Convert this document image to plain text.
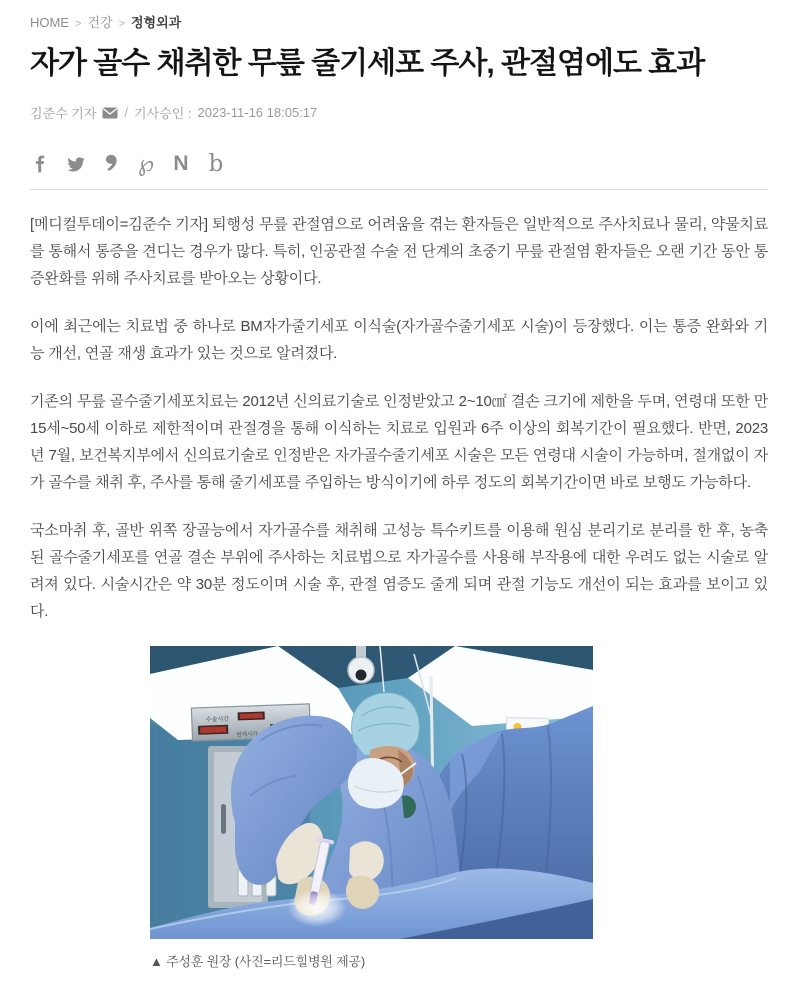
HOME > 건강 > 정형외과
자가 골수 채취한 무릎 줄기세포 주사, 관절염에도 효과
김준수 기자 / 기사승인 : 2023-11-16 18:05:17
℘ N b

[메디컬투데이=김준수 기자] 퇴행성 무릎 관절염으로 어려움을 겪는 환자들은 일반적으로 주사치료나 물리, 약물치료를 통해서 통증을 견디는 경우가 많다. 특히, 인공관절 수술 전 단계의 초중기 무릎 관절염 환자들은 오랜 기간 동안 통증완화를 위해 주사치료를 받아오는 상황이다.

이에 최근에는 치료법 중 하나로 BM자가줄기세포 이식술(자가골수줄기세포 시술)이 등장했다. 이는 통증 완화와 기능 개선, 연골 재생 효과가 있는 것으로 알려졌다.

기존의 무릎 골수줄기세포치료는 2012년 신의료기술로 인정받았고 2~10㎠ 결손 크기에 제한을 두며, 연령대 또한 만 15세~50세 이하로 제한적이며 관절경을 통해 이식하는 치료로 입원과 6주 이상의 회복기간이 필요했다. 반면, 2023년 7월, 보건복지부에서 신의료기술로 인정받은 자가골수줄기세포 시술은 모든 연령대 시술이 가능하며, 절개없이 자가 골수를 채취 후, 주사를 통해 줄기세포를 주입하는 방식이기에 하루 정도의 회복기간이면 바로 보행도 가능하다.

국소마취 후, 골반 위쪽 장골능에서 자가골수를 채취해 고성능 특수키트를 이용해 원심 분리기로 분리를 한 후, 농축된 골수줄기세포를 연골 결손 부위에 주사하는 치료법으로 자가골수를 사용해 부작용에 대한 우려도 없는 시술로 알려져 있다. 시술시간은 약 30분 정도이며 시술 후, 관절 염증도 줄게 되며 관절 기능도 개선이 되는 효과를 보이고 있다.

수술시간
현재시각
▲ 주성훈 원장 (사진=리드힐병원 제공)
